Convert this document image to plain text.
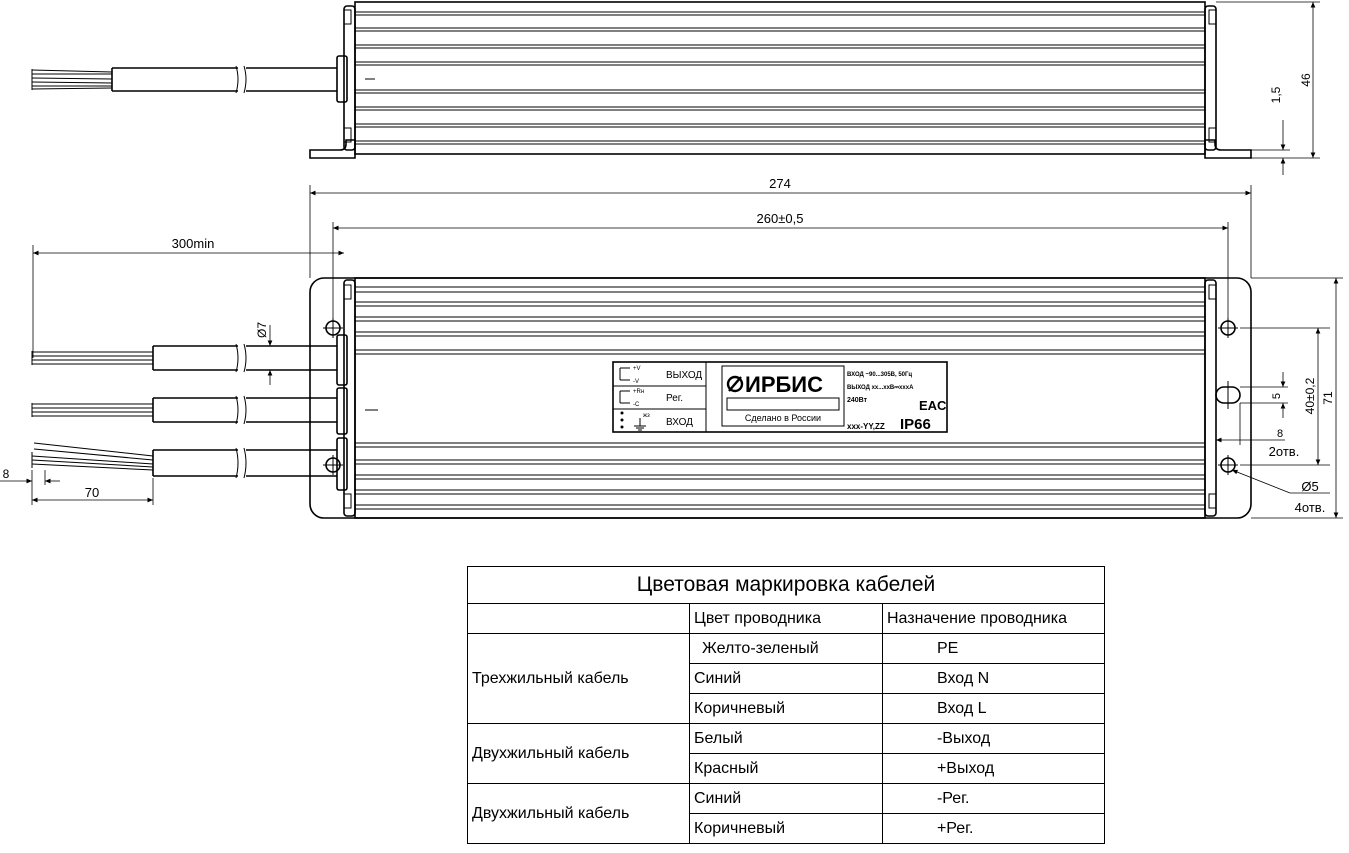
46
1,5
274
260±0,5
300min
Ø7
70
8
71
40±0,2
5
8
2отв.
Ø5
4отв.
+V
-V
ВЫХОД
+Rн
-С
Рег.
жз
ВХОД
ИРБИС
Сделано в России
ВХОД ~90...305В, 50Гц
ВЫХОД хх...ххВ⎓хххА
240Вт	EAC
ххх-YY,ZZ IP66
Цветовая маркировка кабелей		
	Цвет проводника	Назначение проводника
Трехжильный кабель	Желто-зеленый	PE
	Синий	Вход N
	Коричневый	Вход L
Двухжильный кабель	Белый	-Выход
	Красный	+Выход
Двухжильный кабель	Синий	-Рег.
	Коричневый	+Рег.
